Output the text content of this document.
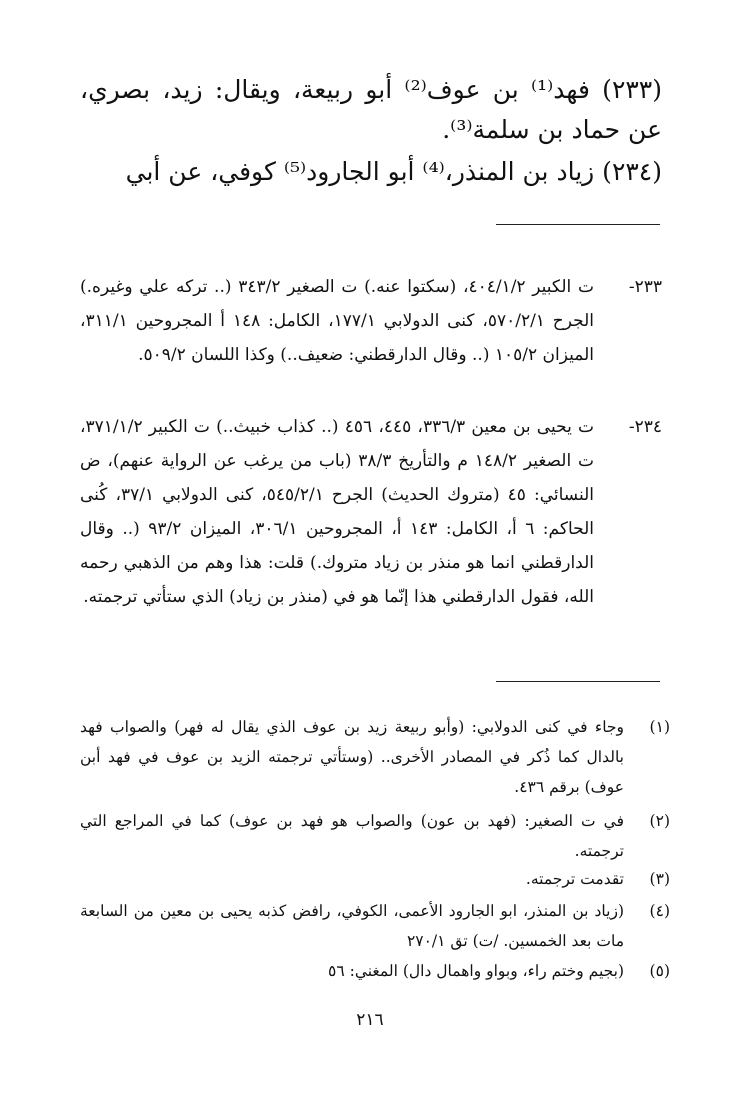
(٢٣٣) فهد⁽¹⁾ بن عوف⁽²⁾ أبو ربيعة، ويقال: زيد، بصري، عن حماد بن سلمة⁽³⁾.
(٢٣٤) زياد بن المنذر،⁽⁴⁾ أبو الجارود⁽⁵⁾ كوفي، عن أبي
٢٣٣-
ت الكبير ٤٠٤/١/٢، (سكتوا عنه.) ت الصغير ٣٤٣/٢ (.. تركه علي وغيره.) الجرح ٥٧٠/٢/١، كنى الدولابي ١٧٧/١، الكامل: ١٤٨ أ المجروحين ٣١١/١، الميزان ١٠٥/٢ (.. وقال الدارقطني: ضعيف..) وكذا اللسان ٥٠٩/٢.
٢٣٤-
ت يحيى بن معين ٣٣٦/٣، ٤٤٥، ٤٥٦ (.. كذاب خبيث..) ت الكبير ٣٧١/١/٢، ت الصغير ١٤٨/٢ م والتأريخ ٣٨/٣ (باب من يرغب عن الرواية عنهم)، ض النسائي: ٤٥ (متروك الحديث) الجرح ٥٤٥/٢/١، كنى الدولابي ٣٧/١، كُنى الحاكم: ٦ أ، الكامل: ١٤٣ أ، المجروحين ٣٠٦/١، الميزان ٩٣/٢ (.. وقال الدارقطني انما هو منذر بن زياد متروك.) قلت: هذا وهم من الذهبي رحمه الله، فقول الدارقطني هذا إنّما هو في (منذر بن زياد) الذي ستأتي ترجمته.
(١)
وجاء في كنى الدولابي: (وأبو ربيعة زيد بن عوف الذي يقال له فهر) والصواب فهد بالدال كما ذُكر في المصادر الأخرى.. (وستأتي ترجمته الزيد بن عوف في فهد أبن عوف) برقم ٤٣٦.
(٢)
في ت الصغير: (فهد بن عون) والصواب هو فهد بن عوف) كما في المراجع التي ترجمته.
(٣)
تقدمت ترجمته.
(٤)
(زياد بن المنذر، ابو الجارود الأعمى، الكوفي، رافض كذبه يحيى بن معين من السابعة مات بعد الخمسين. /ت) تق ٢٧٠/١
(٥)
(بجيم وختم راء، وبواو واهمال دال) المغني: ٥٦
٢١٦
